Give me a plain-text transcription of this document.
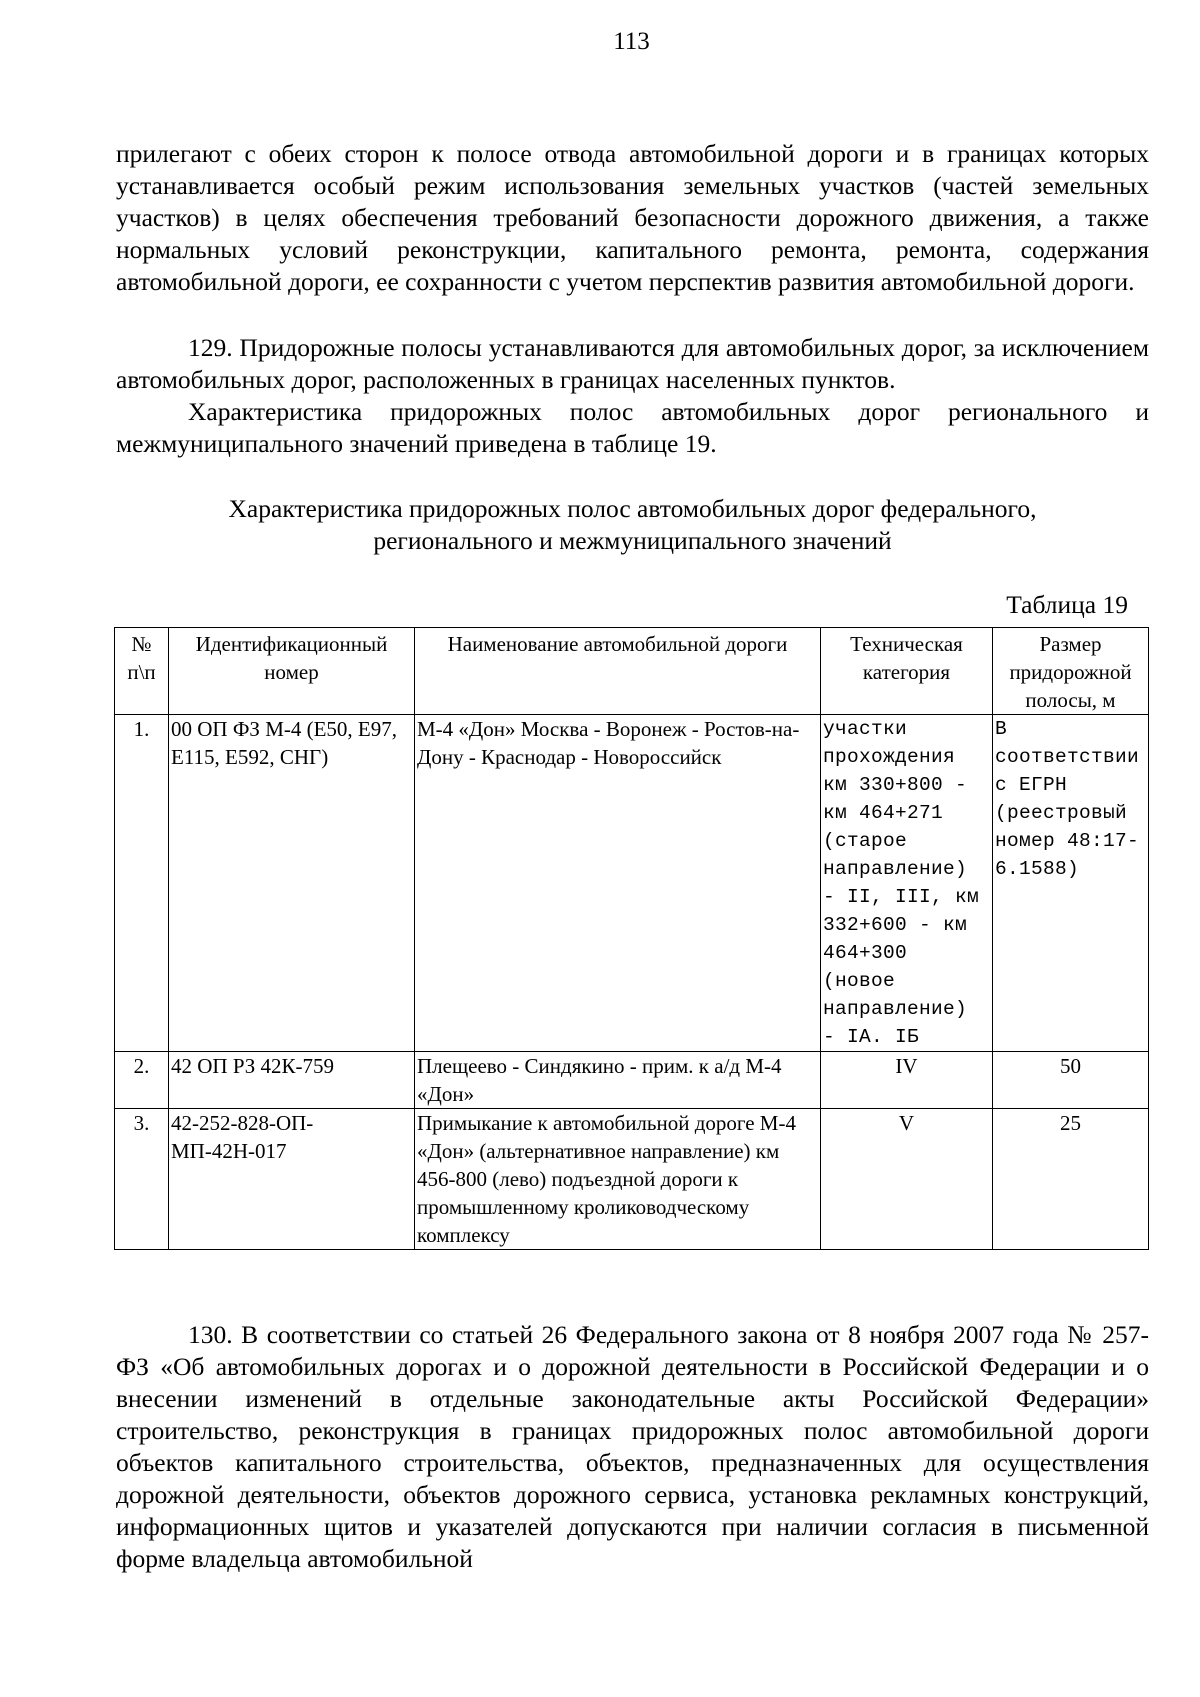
113

прилегают с обеих сторон к полосе отвода автомобильной дороги и в границах которых устанавливается особый режим использования земельных участков (частей земельных участков) в целях обеспечения требований безопасности дорожного движения, а также нормальных условий реконструкции, капитального ремонта, ремонта, содержания автомобильной дороги, ее сохранности с учетом перспектив развития автомобильной дороги.

129. Придорожные полосы устанавливаются для автомобильных дорог, за исключением автомобильных дорог, расположенных в границах населенных пунктов.

Характеристика придорожных полос автомобильных дорог регионального и межмуниципального значений приведена в таблице 19.

Характеристика придорожных полос автомобильных дорог федерального,
регионального и межмуниципального значений
Таблица 19
№
п\п	Идентификационный номер	Наименование автомобильной дороги	Техническая категория	Размер придорожной полосы, м
1.	00 ОП ФЗ М-4 (Е50, Е97, Е115, Е592, СНГ)	М-4 «Дон» Москва - Воронеж - Ростов-на-Дону - Краснодар - Новороссийск	участки прохождения км 330+800 - км 464+271 (старое направление) - II, III, км 332+600 - км 464+300 (новое направление) - IА. IБ	В соответствии с ЕГРН (реестровый номер 48:17-6.1588)
2.	42 ОП РЗ 42К-759	Плещеево - Синдякино - прим. к а/д М-4 «Дон»	IV	50
3.	42-252-828-ОП-МП-42Н-017	Примыкание к автомобильной дороге М-4 «Дон» (альтернативное направление) км 456-800 (лево) подъездной дороги к промышленному кролиководческому комплексу	V	25

130. В соответствии со статьей 26 Федерального закона от 8 ноября 2007 года № 257-ФЗ «Об автомобильных дорогах и о дорожной деятельности в Российской Федерации и о внесении изменений в отдельные законодательные акты Российской Федерации» строительство, реконструкция в границах придорожных полос автомобильной дороги объектов капитального строительства, объектов, предназначенных для осуществления дорожной деятельности, объектов дорожного сервиса, установка рекламных конструкций, информационных щитов и указателей допускаются при наличии согласия в письменной форме владельца автомобильной
